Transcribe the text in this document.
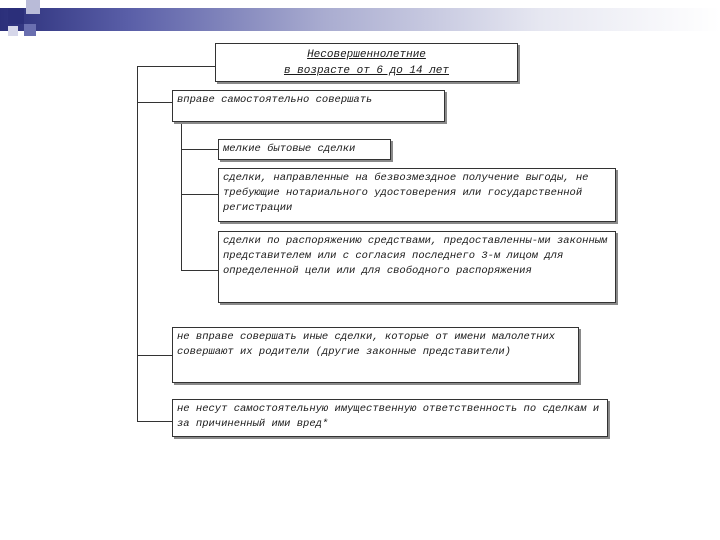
Несовершеннолетние
в возрасте от 6 до 14 лет
вправе самостоятельно совершать
мелкие бытовые сделки
сделки, направленные на безвозмездное получение выгоды, не требующие нотариального удостоверения или государственной регистрации
сделки по распоряжению средствами, предоставленны-ми законным представителем или с согласия последнего 3-м лицом для определенной цели или для свободного распоряжения
не вправе совершать иные сделки, которые от имени малолетних совершают их родители (другие законные представители)
не несут самостоятельную имущественную ответственность по сделкам и за причиненный ими вред*
